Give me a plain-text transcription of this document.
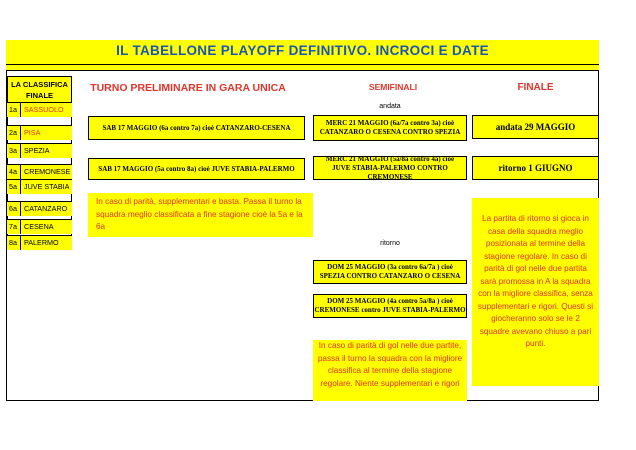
IL TABELLONE PLAYOFF DEFINITIVO. INCROCI E DATE
LA CLASSIFICA
FINALE
1a SASSUOLO
2a PISA
3a SPEZIA
4a CREMONESE
5a JUVE STABIA
6a CATANZARO
7a CESENA
8a PALERMO
TURNO PRELIMINARE IN GARA UNICA
SAB 17 MAGGIO (6a contro 7a) cioè CATANZARO-CESENA
SAB 17 MAGGIO (5a contro 8a) cioè JUVE STABIA-PALERMO
In caso di parità, supplementari e basta. Passa il turno la squadra meglio classificata a fine stagione cioè la 5a e la 6a
SEMIFINALI
andata
MERC 21 MAGGIO (6a/7a contro 3a) cioè
CATANZARO O CESENA CONTRO SPEZIA
MERC 21 MAGGIO (5a/8a contro 4a) cioè
JUVE STABIA-PALERMO CONTRO CREMONESE
ritorno
DOM 25 MAGGIO (3a contro 6a/7a ) cioè
SPEZIA CONTRO CATANZARO O CESENA
DOM 25 MAGGIO (4a contro 5a/8a ) cioè
CREMONESE contro JUVE STABIA-PALERMO
In caso di parità di gol nelle due partite, passa il turno la squadra con la migliore classifica al termine della stagione regolare. Niente supplementari e rigori
FINALE
andata 29 MAGGIO
ritorno 1 GIUGNO
La partita di ritorno si gioca in casa della squadra meglio posizionata al termine della stagione regolare. In caso di parità di gol nelle due partita sarà promossa in A la squadra con la migliore classifica, senza supplementari e rigori. Questi si giocheranno solo se le 2 squadre avevano chiuso a pari punti.
